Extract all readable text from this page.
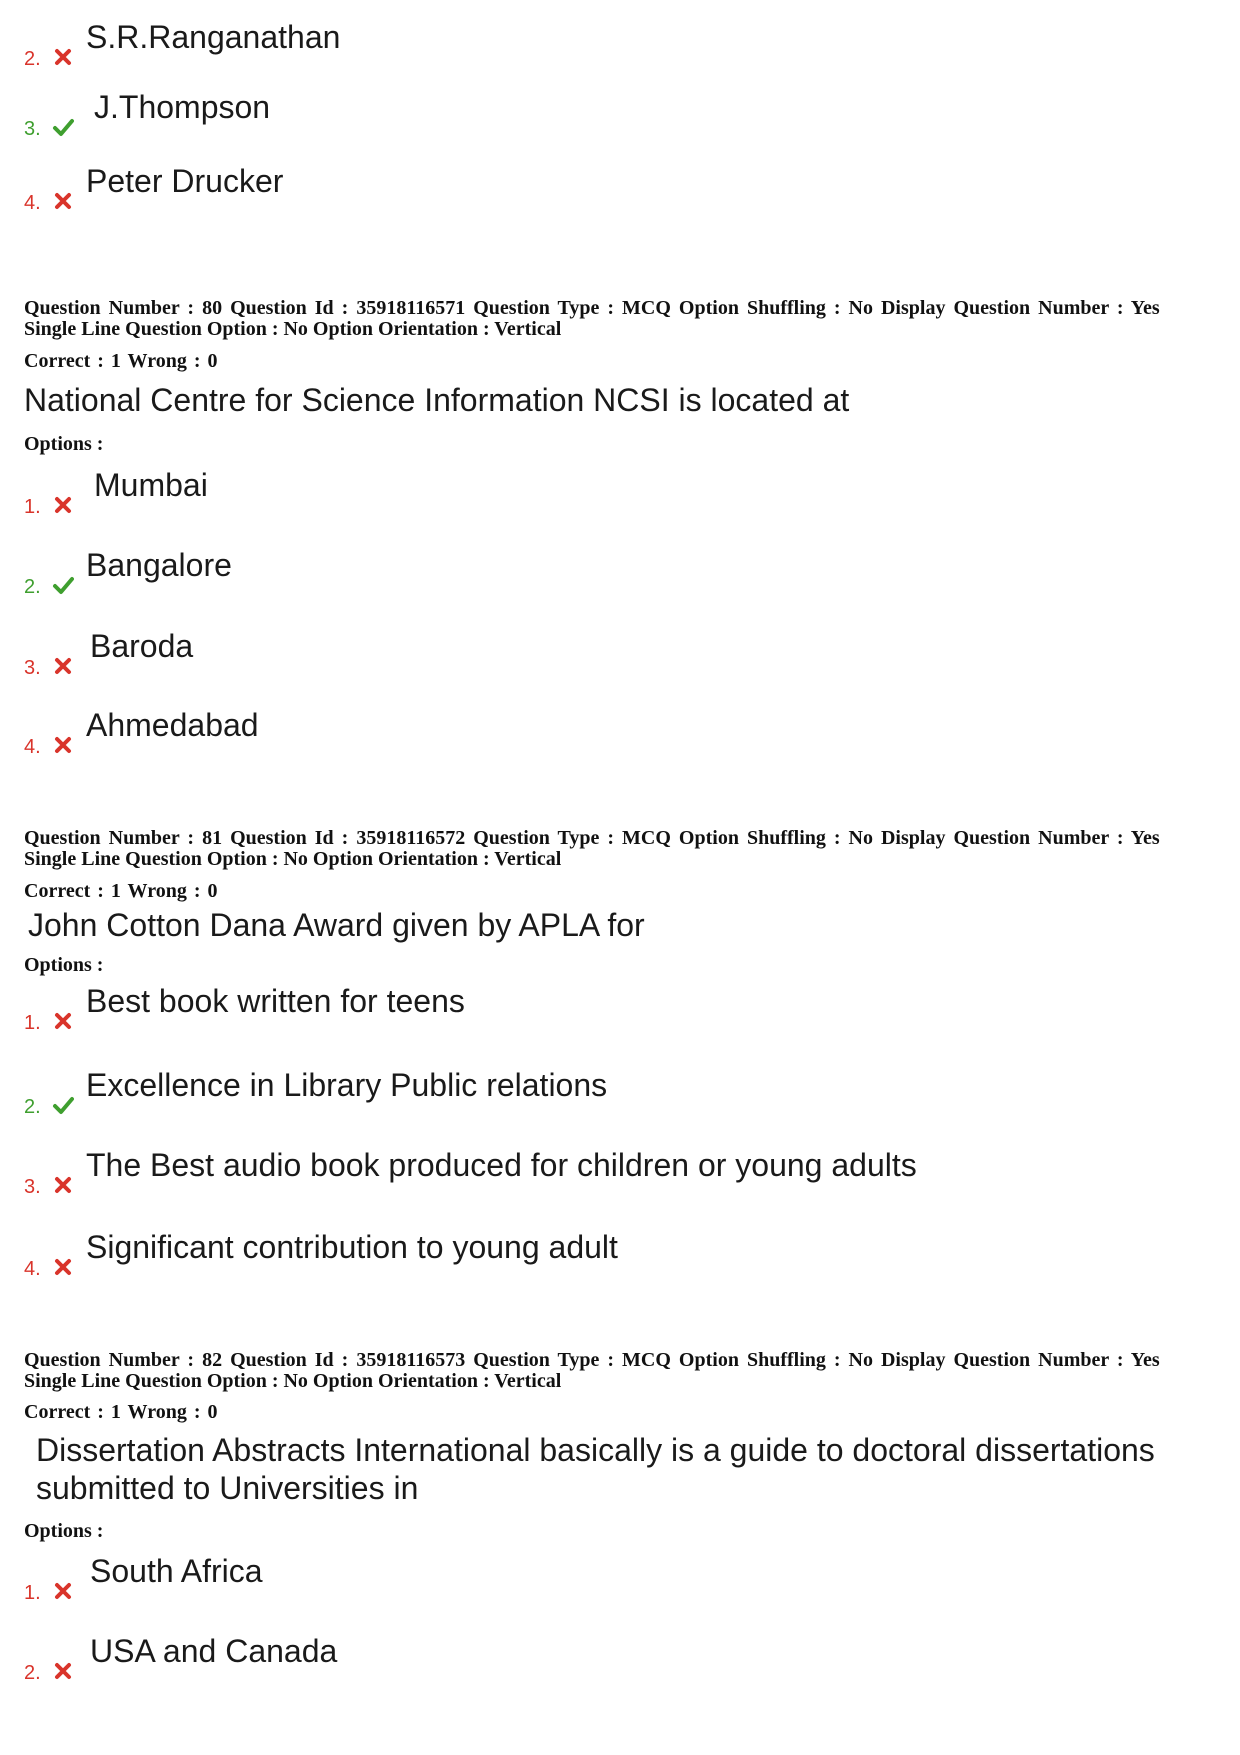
2.
S.R.Ranganathan
3.
J.Thompson
4.
Peter Drucker
Question Number : 80 Question Id : 35918116571 Question Type : MCQ Option Shuffling : No Display Question Number : Yes
Single Line Question Option : No Option Orientation : Vertical
Correct : 1 Wrong : 0
National Centre for Science Information NCSI is located at
Options :
1.
Mumbai
2.
Bangalore
3.
Baroda
4.
Ahmedabad
Question Number : 81 Question Id : 35918116572 Question Type : MCQ Option Shuffling : No Display Question Number : Yes
Single Line Question Option : No Option Orientation : Vertical
Correct : 1 Wrong : 0
John Cotton Dana Award given by APLA for
Options :
1.
Best book written for teens
2.
Excellence in Library Public relations
3.
The Best audio book produced for children or young adults
4.
Significant contribution to young adult
Question Number : 82 Question Id : 35918116573 Question Type : MCQ Option Shuffling : No Display Question Number : Yes
Single Line Question Option : No Option Orientation : Vertical
Correct : 1 Wrong : 0
Dissertation Abstracts International basically is a guide to doctoral dissertations submitted to Universities in
Options :
1.
South Africa
2.
USA and Canada
